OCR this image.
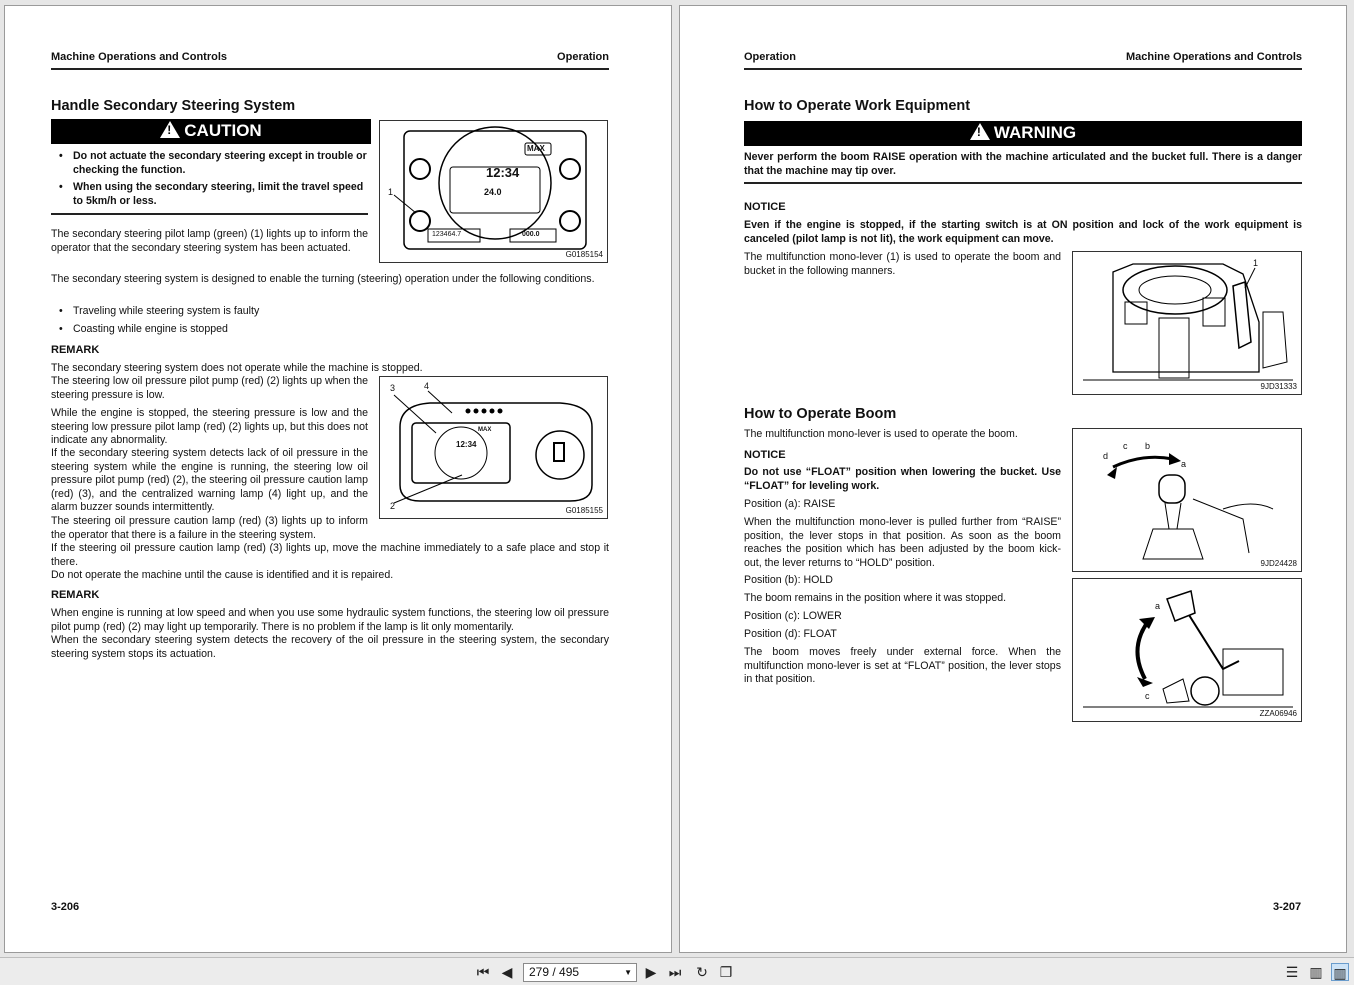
Machine Operations and Controls	Operation
Handle Secondary Steering System
!CAUTION
• Do not actuate the secondary steering except in trouble or checking the function.
• When using the secondary steering, limit the travel speed to 5km/h or less.
12:34
MAX
24.0
123464.7	000.0
1
G0185154
The secondary steering pilot lamp (green) (1) lights up to inform the operator that the secondary steering system has been actuated.
The secondary steering system is designed to enable the turning (steering) operation under the following conditions.
• Traveling while steering system is faulty
• Coasting while engine is stopped
REMARK
The secondary steering system does not operate while the machine is stopped.
The steering low oil pressure pilot pump (red) (2) lights up when the steering pressure is low.
While the engine is stopped, the steering pressure is low and the steering low pressure pilot lamp (red) (2) lights up, but this does not indicate any abnormality.
If the secondary steering system detects lack of oil pressure in the steering system while the engine is running, the steering low oil pressure pilot pump (red) (2), the steering oil pressure caution lamp (red) (3), and the centralized warning lamp (4) light up, and the alarm buzzer sounds intermittently.
The steering oil pressure caution lamp (red) (3) lights up to inform the operator that there is a failure in the steering system.
12:34
MAX
3	4
2	G0185155
If the steering oil pressure caution lamp (red) (3) lights up, move the machine immediately to a safe place and stop it there.
Do not operate the machine until the cause is identified and it is repaired.
REMARK
When engine is running at low speed and when you use some hydraulic system functions, the steering low oil pressure pilot pump (red) (2) may light up temporarily. There is no problem if the lamp is lit only momentarily.
When the secondary steering system detects the recovery of the oil pressure in the steering system, the secondary steering system stops its actuation.
3-206
Operation	Machine Operations and Controls
How to Operate Work Equipment
!WARNING
Never perform the boom RAISE operation with the machine articulated and the bucket full. There is a danger that the machine may tip over.
NOTICE
Even if the engine is stopped, if the starting switch is at ON position and lock of the work equipment is canceled (pilot lamp is not lit), the work equipment can move.
The multifunction mono-lever (1) is used to operate the boom and bucket in the following manners.
1
9JD31333
How to Operate Boom
The multifunction mono-lever is used to operate the boom.
NOTICE
Do not use “FLOAT” position when lowering the bucket. Use “FLOAT” for leveling work.
Position (a): RAISE
When the multifunction mono-lever is pulled further from “RAISE” position, the lever stops in that position. As soon as the boom reaches the position which has been adjusted by the boom kick-out, the lever returns to “HOLD” position.
Position (b): HOLD
The boom remains in the position where it was stopped.
Position (c): LOWER
Position (d): FLOAT
The boom moves freely under external force. When the multifunction mono-lever is set at “FLOAT” position, the lever stops in that position.
a
b
c
d
9JD24428
a
c
ZZA06946
3-207
⏮ ◀	279 / 495	▼ ▶ ⏭ ↻ ❐	☰ ▥ ▥
